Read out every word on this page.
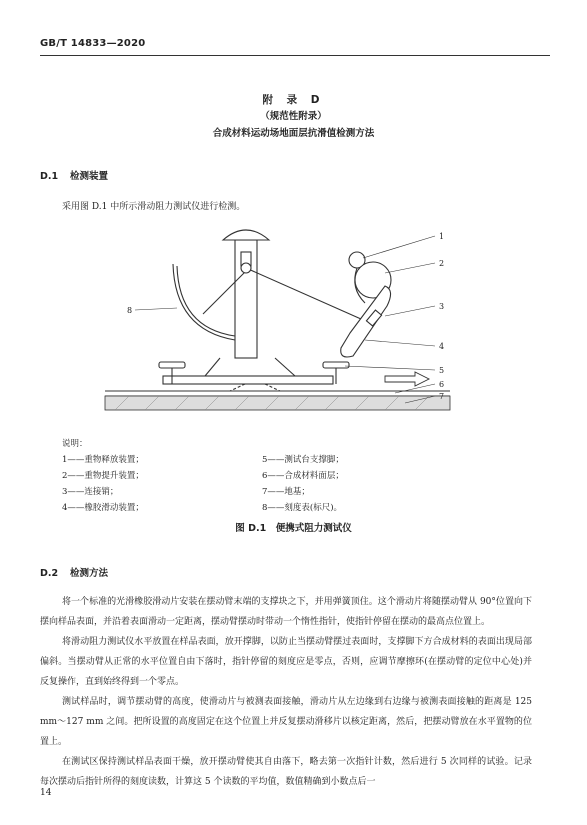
GB/T 14833—2020
附 录 D
（规范性附录）
合成材料运动场地面层抗滑值检测方法
D.1 检测装置
采用图 D.1 中所示滑动阻力测试仪进行检测。
1
2
3
4
5
6
7
8
说明：
1——重物释放装置；
2——重物提升装置；
3——连接销；
4——橡胶滑动装置；
5——测试台支撑脚；
6——合成材料面层；
7——地基；
8——刻度表(标尺)。
图 D.1　便携式阻力测试仪
D.2 检测方法

将一个标准的光滑橡胶滑动片安装在摆动臂末端的支撑块之下，并用弹簧顶住。这个滑动片将随摆动臂从 90°位置向下摆向样品表面，并沿着表面滑动一定距离，摆动臂摆动时带动一个惰性指针，使指针停留在摆动的最高点位置上。

将滑动阻力测试仪水平放置在样品表面，放开撑脚，以防止当摆动臂摆过表面时，支撑脚下方合成材料的表面出现局部偏斜。当摆动臂从正常的水平位置自由下落时，指针停留的刻度应是零点，否则，应调节摩擦环(在摆动臂的定位中心处)并反复操作，直到始终得到一个零点。

测试样品时，调节摆动臂的高度，使滑动片与被测表面接触，滑动片从左边缘到右边缘与被测表面接触的距离是 125 mm～127 mm 之间。把所设置的高度固定在这个位置上并反复摆动滑移片以核定距离，然后，把摆动臂放在水平置物的位置上。

在测试区保持测试样品表面干燥，放开摆动臂使其自由落下，略去第一次指针计数，然后进行 5 次同样的试验。记录每次摆动后指针所得的刻度读数，计算这 5 个读数的平均值，数值精确到小数点后一

14
